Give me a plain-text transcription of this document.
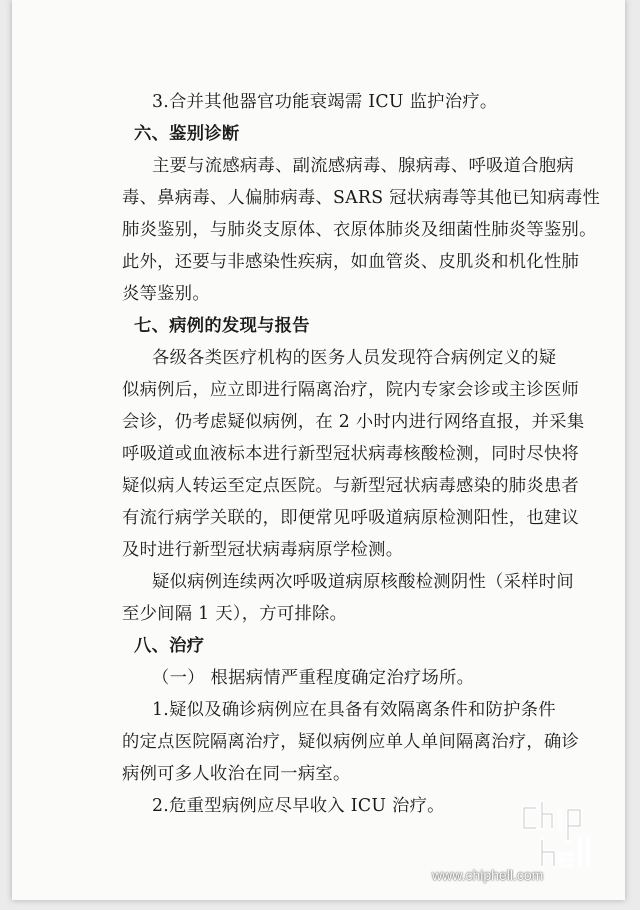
3.合并其他器官功能衰竭需 ICU 监护治疗。
六、鉴别诊断
主要与流感病毒、副流感病毒、腺病毒、呼吸道合胞病
毒、鼻病毒、人偏肺病毒、SARS 冠状病毒等其他已知病毒性
肺炎鉴别，与肺炎支原体、衣原体肺炎及细菌性肺炎等鉴别。
此外，还要与非感染性疾病，如血管炎、皮肌炎和机化性肺
炎等鉴别。
七、病例的发现与报告
各级各类医疗机构的医务人员发现符合病例定义的疑
似病例后，应立即进行隔离治疗，院内专家会诊或主诊医师
会诊，仍考虑疑似病例，在 2 小时内进行网络直报，并采集
呼吸道或血液标本进行新型冠状病毒核酸检测，同时尽快将
疑似病人转运至定点医院。与新型冠状病毒感染的肺炎患者
有流行病学关联的，即便常见呼吸道病原检测阳性，也建议
及时进行新型冠状病毒病原学检测。
疑似病例连续两次呼吸道病原核酸检测阴性（采样时间
至少间隔 1 天），方可排除。
八、治疗
（一） 根据病情严重程度确定治疗场所。
1.疑似及确诊病例应在具备有效隔离条件和防护条件
的定点医院隔离治疗，疑似病例应单人单间隔离治疗，确诊
病例可多人收治在同一病室。
2.危重型病例应尽早收入 ICU 治疗。
www.chiphell.com
